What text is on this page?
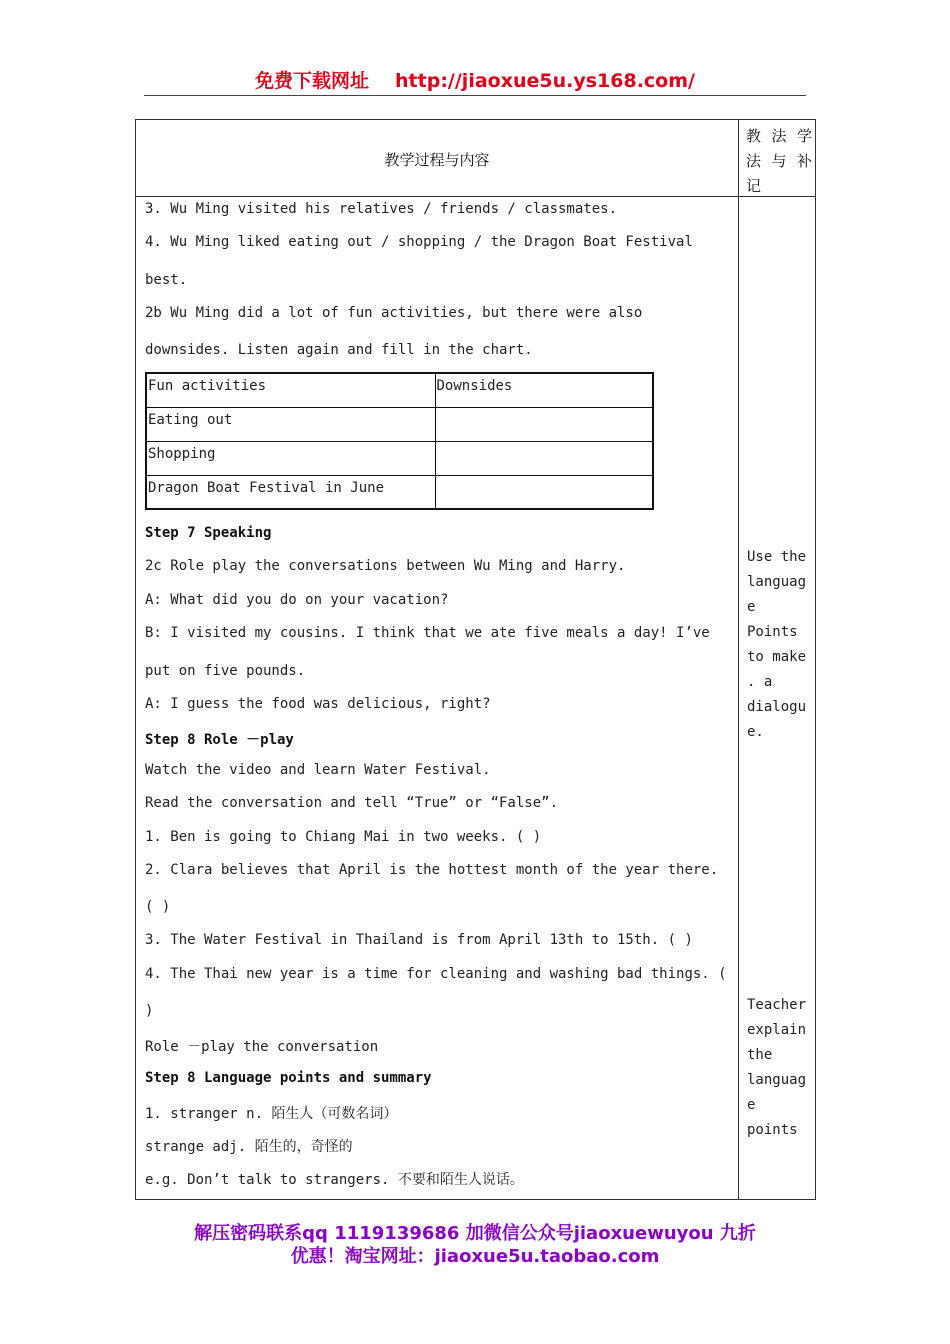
免费下载网址 http://jiaoxue5u.ys168.com/
教学过程与内容
教 法 学
法 与 补
记
3. Wu Ming visited his relatives / friends / classmates.
4. Wu Ming liked eating out / shopping / the Dragon Boat Festival
best.
2b Wu Ming did a lot of fun activities, but there were also
downsides. Listen again and fill in the chart.
Fun activities	Downsides
Eating out	
Shopping	
Dragon Boat Festival in June	
Step 7 Speaking
2c Role play the conversations between Wu Ming and Harry.
A: What did you do on your vacation?
B: I visited my cousins. I think that we ate five meals a day! I’ve
put on five pounds.
A: I guess the food was delicious, right?
Step 8 Role －play
Watch the video and learn Water Festival.
Read the conversation and tell “True” or “False”.
1. Ben is going to Chiang Mai in two weeks. ( )
2. Clara believes that April is the hottest month of the year there.
( )
3. The Water Festival in Thailand is from April 13th to 15th. ( )
4. The Thai new year is a time for cleaning and washing bad things. (
)
Role －play the conversation
Step 8 Language points and summary
1. stranger n. 陌生人（可数名词）
strange adj. 陌生的，奇怪的
e.g. Don’t talk to strangers. 不要和陌生人说话。
Use the
languag
e
Points
to make
. a
dialogu
e.
Teacher
explain
the
languag
e
points
解压密码联系qq 1119139686 加微信公众号jiaoxuewuyou 九折
优惠！淘宝网址：jiaoxue5u.taobao.com
